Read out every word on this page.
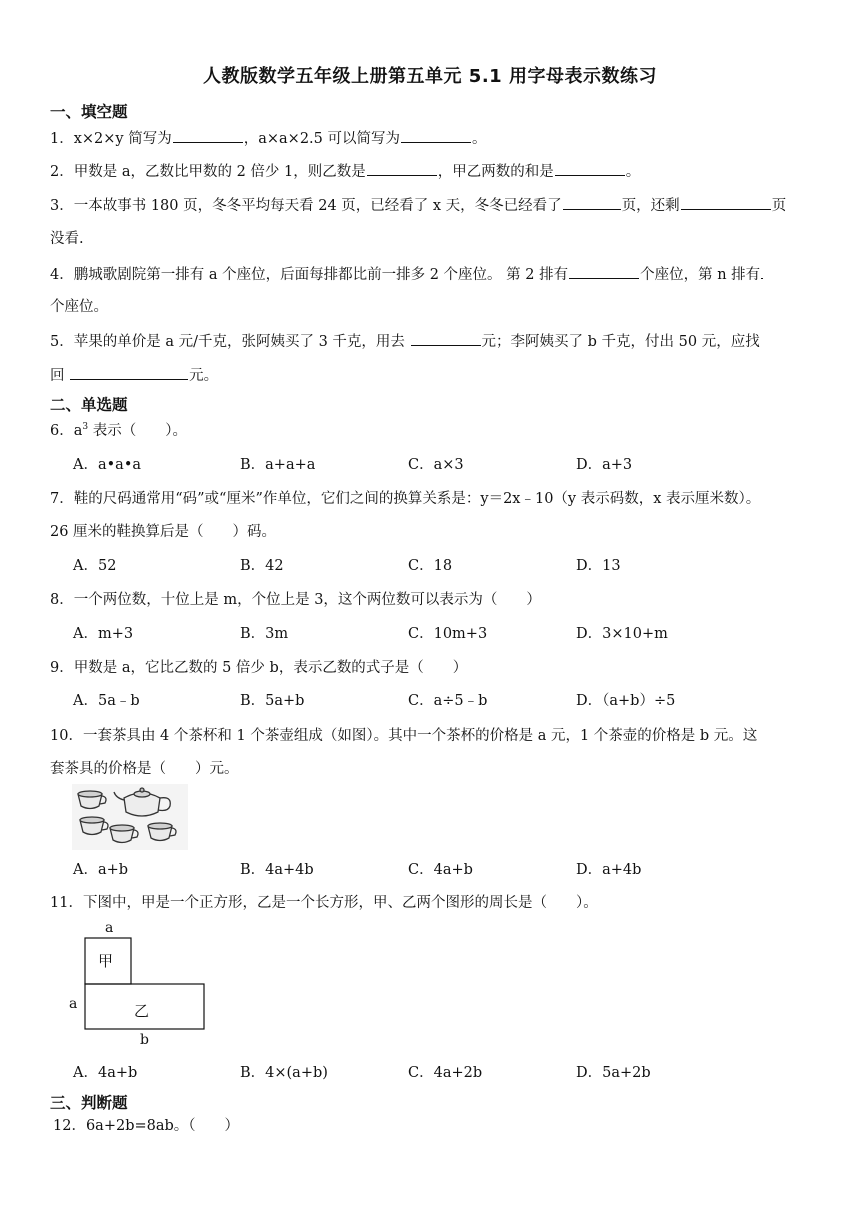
人教版数学五年级上册第五单元 5.1 用字母表示数练习
一、填空题
1．x×2×y 简写为	，a×a×2.5 可以简写为	。
2．甲数是 a，乙数比甲数的 2 倍少 1，则乙数是	，甲乙两数的和是	。
3．一本故事书 180 页，冬冬平均每天看 24 页，已经看了 x 天，冬冬已经看了	页，还剩	页
没看.
4．鹏城歌剧院第一排有 a 个座位，后面每排都比前一排多 2 个座位。 第 2 排有	个座位，第 n 排有
个座位。
5．苹果的单价是 a 元/千克，张阿姨买了 3 千克，用去	元；李阿姨买了 b 千克，付出 50 元，应找
回	元。
二、单选题
6．$a^3$ 表示（　　）。
A．a•a•a	B．a+a+a	C．a×3	D．a+3
7．鞋的尺码通常用“码”或“厘米”作单位，它们之间的换算关系是：y＝2x﹣10（y 表示码数，x 表示厘米数）。
26 厘米的鞋换算后是（　　）码。
A．52	B．42	C．18	D．13
8．一个两位数，十位上是 m，个位上是 3，这个两位数可以表示为（　　）
A．m+3	B．3m	C．10m+3	D．3×10+m
9．甲数是 a，它比乙数的 5 倍少 b，表示乙数的式子是（　　）
A．5a﹣b	B．5a+b	C．a÷5﹣b	D．（a+b）÷5
10．一套茶具由 4 个茶杯和 1 个茶壶组成（如图）。其中一个茶杯的价格是 a 元，1 个茶壶的价格是 b 元。这
套茶具的价格是（　　）元。
A．a+b	B．4a+4b	C．4a+b	D．a+4b
11．下图中，甲是一个正方形，乙是一个长方形，甲、乙两个图形的周长是（　　）。
a
甲
a	乙
b
A．4a+b	B．4×(a+b)	C．4a+2b	D．5a+2b
三、判断题
12．6a+2b=8ab。（　　）
